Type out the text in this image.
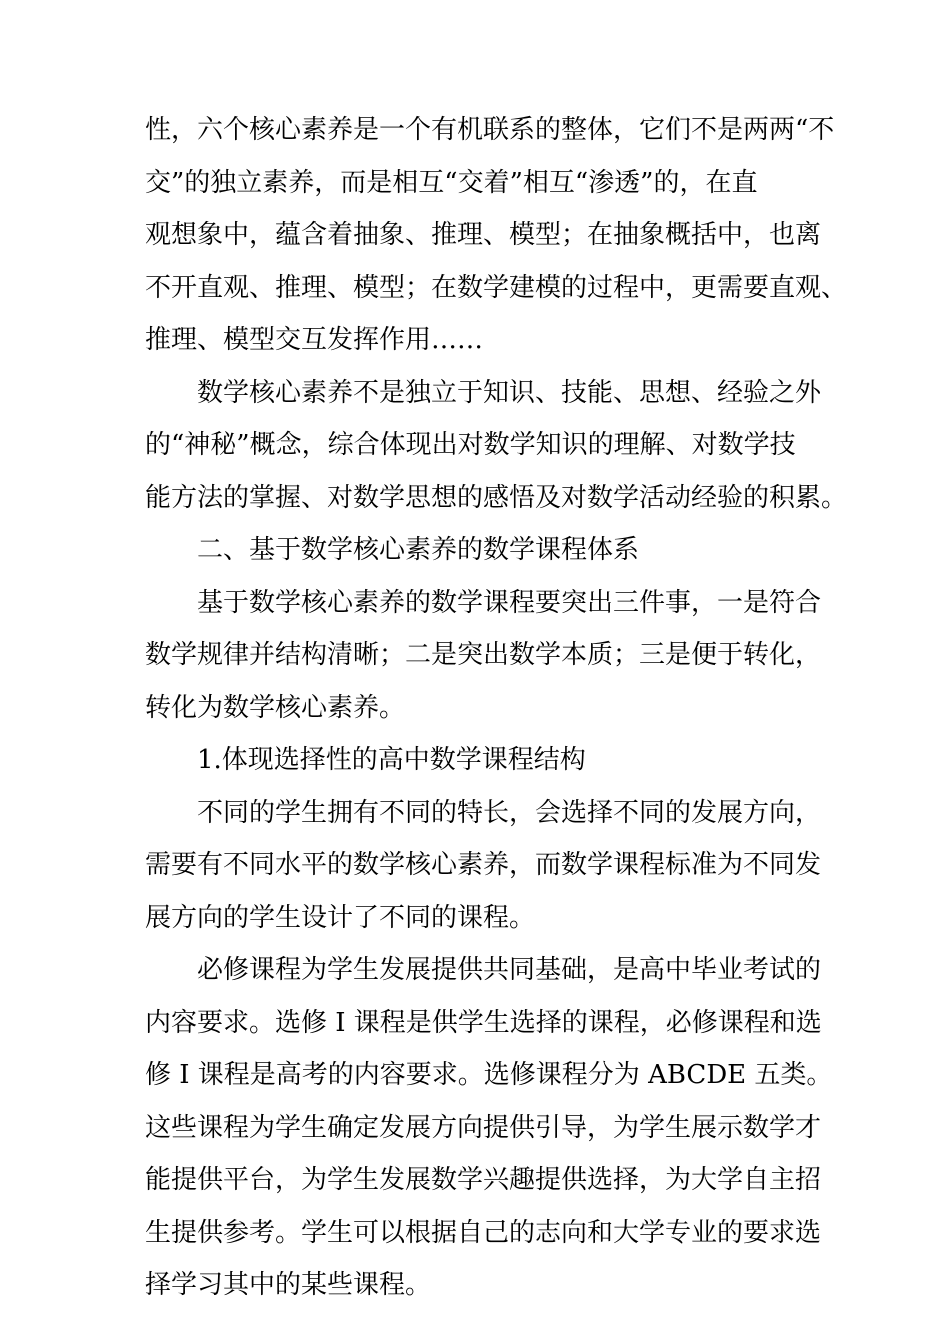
性，六个核心素养是一个有机联系的整体，它们不是两两“不
交”的独立素养，而是相互“交着”相互“渗透”的，在直
观想象中，蕴含着抽象、推理、模型；在抽象概括中，也离
不开直观、推理、模型；在数学建模的过程中，更需要直观、
推理、模型交互发挥作用……
数学核心素养不是独立于知识、技能、思想、经验之外
的“神秘”概念，综合体现出对数学知识的理解、对数学技
能方法的掌握、对数学思想的感悟及对数学活动经验的积累。
二、基于数学核心素养的数学课程体系
基于数学核心素养的数学课程要突出三件事，一是符合
数学规律并结构清晰；二是突出数学本质；三是便于转化，
转化为数学核心素养。
1.体现选择性的高中数学课程结构
不同的学生拥有不同的特长，会选择不同的发展方向，
需要有不同水平的数学核心素养，而数学课程标准为不同发
展方向的学生设计了不同的课程。
必修课程为学生发展提供共同基础，是高中毕业考试的
内容要求。选修 I 课程是供学生选择的课程，必修课程和选
修 I 课程是高考的内容要求。选修课程分为 ABCDE 五类。
这些课程为学生确定发展方向提供引导，为学生展示数学才
能提供平台，为学生发展数学兴趣提供选择，为大学自主招
生提供参考。学生可以根据自己的志向和大学专业的要求选
择学习其中的某些课程。
